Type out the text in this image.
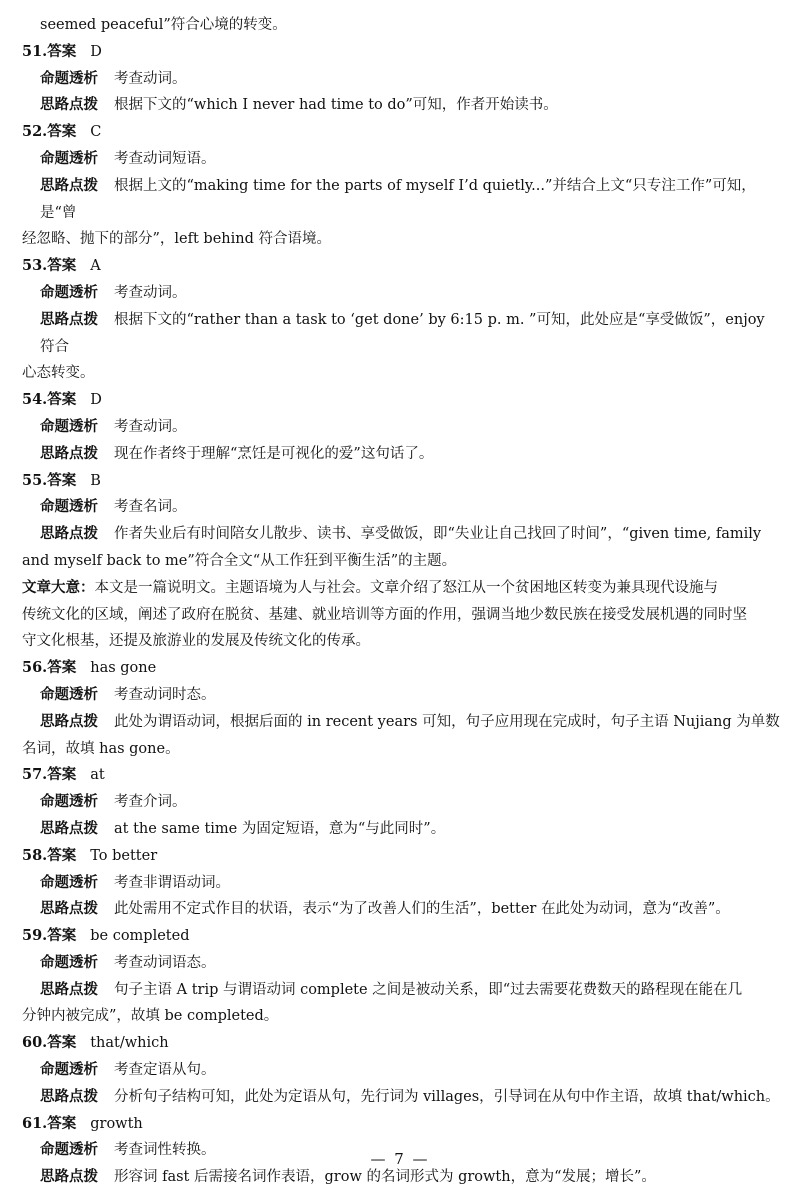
seemed peaceful”符合心境的转变。
51.答案 D
命题透析 考查动词。
思路点拨 根据下文的“which I never had time to do”可知，作者开始读书。
52.答案 C
命题透析 考查动词短语。
思路点拨 根据上文的“making time for the parts of myself I’d quietly...”并结合上文“只专注工作”可知，是“曾
经忽略、抛下的部分”，left behind 符合语境。
53.答案 A
命题透析 考查动词。
思路点拨 根据下文的“rather than a task to ‘get done’ by 6:15 p. m. ”可知，此处应是“享受做饭”，enjoy 符合
心态转变。
54.答案 D
命题透析 考查动词。
思路点拨 现在作者终于理解“烹饪是可视化的爱”这句话了。
55.答案 B
命题透析 考查名词。
思路点拨 作者失业后有时间陪女儿散步、读书、享受做饭，即“失业让自己找回了时间”，“given time, family
and myself back to me”符合全文“从工作狂到平衡生活”的主题。
文章大意：本文是一篇说明文。主题语境为人与社会。文章介绍了怒江从一个贫困地区转变为兼具现代设施与
传统文化的区域，阐述了政府在脱贫、基建、就业培训等方面的作用，强调当地少数民族在接受发展机遇的同时坚
守文化根基，还提及旅游业的发展及传统文化的传承。
56.答案 has gone
命题透析 考查动词时态。
思路点拨 此处为谓语动词，根据后面的 in recent years 可知，句子应用现在完成时，句子主语 Nujiang 为单数
名词，故填 has gone。
57.答案 at
命题透析 考查介词。
思路点拨 at the same time 为固定短语，意为“与此同时”。
58.答案 To better
命题透析 考查非谓语动词。
思路点拨 此处需用不定式作目的状语，表示“为了改善人们的生活”，better 在此处为动词，意为“改善”。
59.答案 be completed
命题透析 考查动词语态。
思路点拨 句子主语 A trip 与谓语动词 complete 之间是被动关系，即“过去需要花费数天的路程现在能在几
分钟内被完成”，故填 be completed。
60.答案 that/which
命题透析 考查定语从句。
思路点拨 分析句子结构可知，此处为定语从句，先行词为 villages，引导词在从句中作主语，故填 that/which。
61.答案 growth
命题透析 考查词性转换。
思路点拨 形容词 fast 后需接名词作表语，grow 的名词形式为 growth，意为“发展；增长”。
— 7 —
